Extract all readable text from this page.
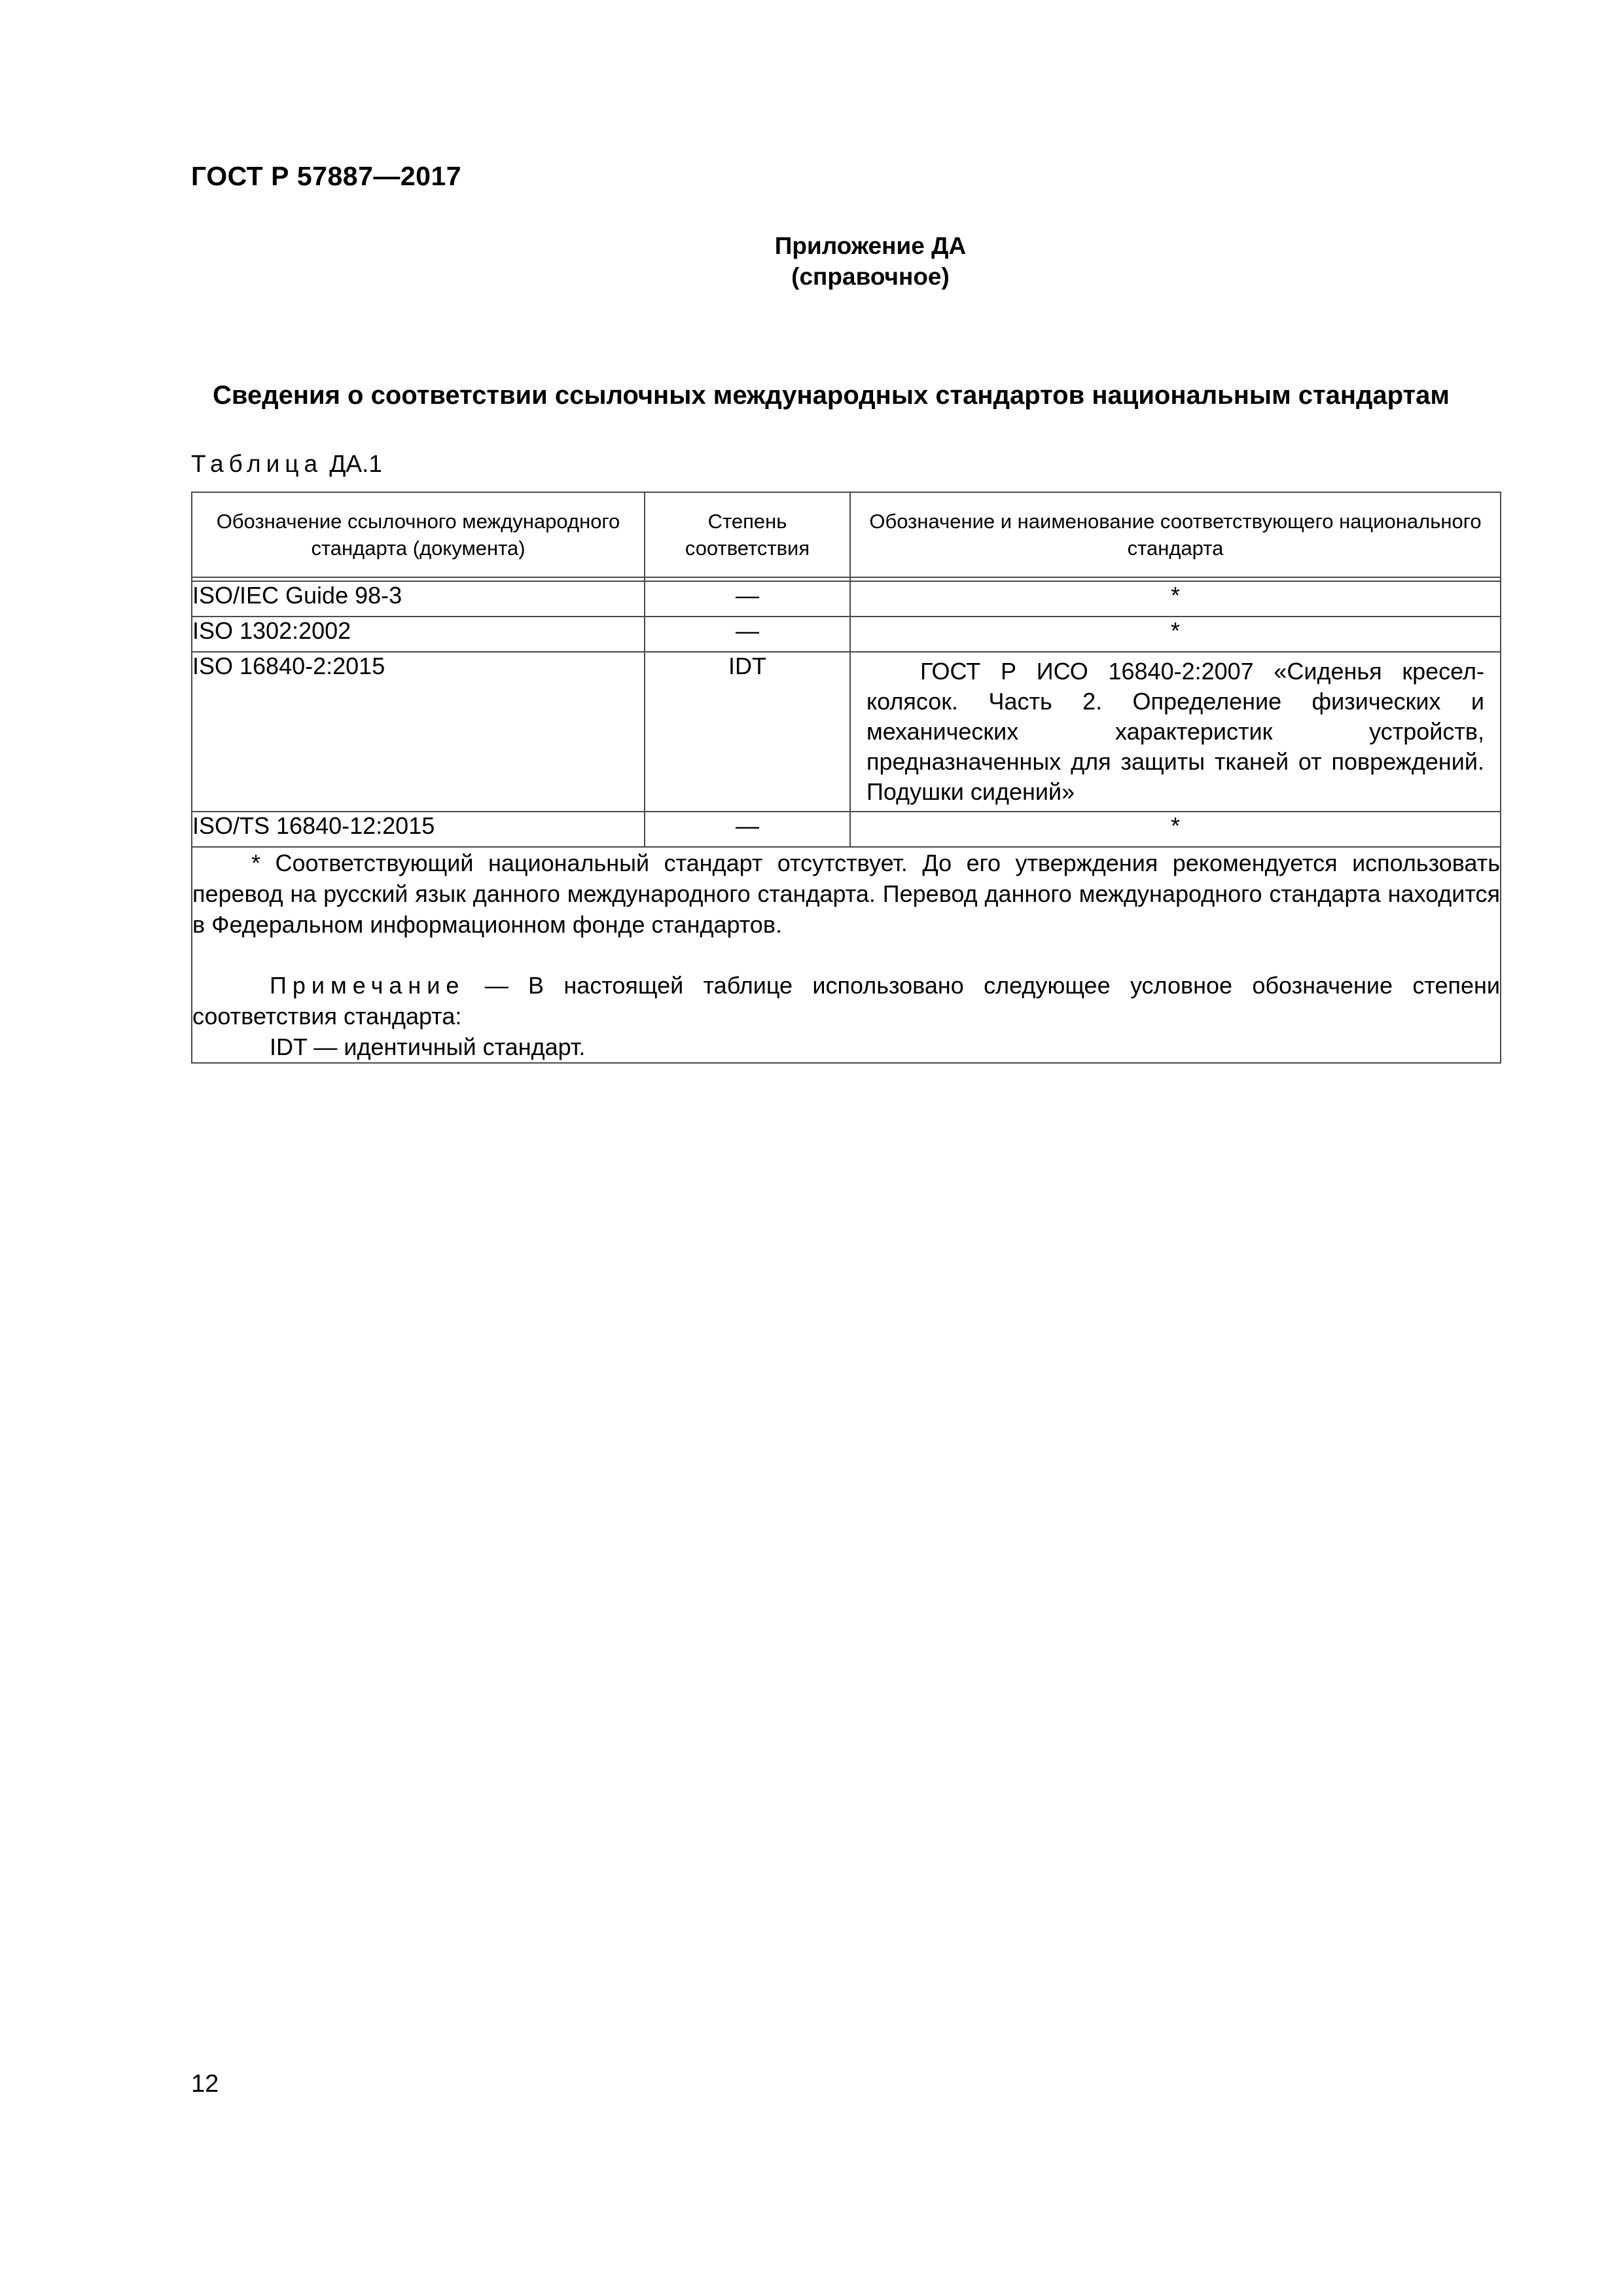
ГОСТ Р 57887—2017
Приложение ДА
(справочное)
Сведения о соответствии ссылочных международных стандартов национальным стандартам
Таблица ДА.1
Обозначение ссылочного международного стандарта (документа)	Степень соответствия	Обозначение и наименование соответствующего национального стандарта

ISO/IEC Guide 98-3	—	*
ISO 1302:2002	—	*
ISO 16840-2:2015	IDT	ГОСТ Р ИСО 16840-2:2007 «Сиденья кресел-колясок. Часть 2. Определение физических и механических характеристик устройств, предназначенных для защиты тканей от повреждений. Подушки сидений»
ISO/TS 16840-12:2015	—	*

* Соответствующий национальный стандарт отсутствует. До его утверждения рекомендуется использовать перевод на русский язык данного международного стандарта. Перевод данного международного стандарта находится в Федеральном информационном фонде стандартов.
Примечание — В настоящей таблице использовано следующее условное обозначение степени соответствия стандарта:
IDT — идентичный стандарт.		
12
